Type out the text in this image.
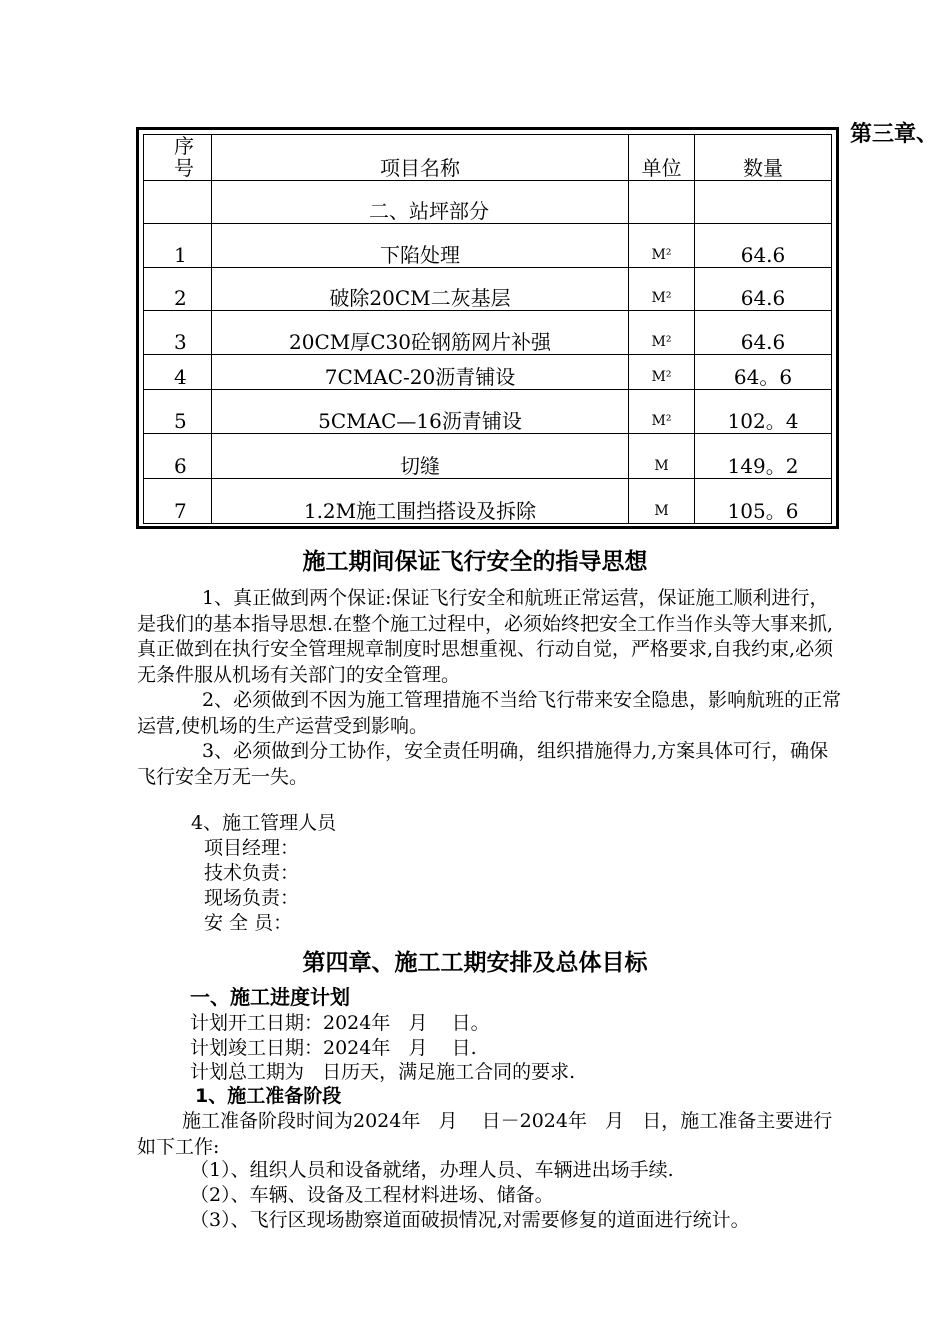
第三章、
序号	项目名称	单位	数量
	二、站坪部分		
1	下陷处理	M²	64.6
2	破除20CM二灰基层	M²	64.6
3	20CM厚C30砼钢筋网片补强	M²	64.6
4	7CMAC-20沥青铺设	M²	64。6
5	5CMAC—16沥青铺设	M²	102。4
6	切缝	M	149。2
7	1.2M施工围挡搭设及拆除	M	105。6
施工期间保证飞行安全的指导思想

1、真正做到两个保证:保证飞行安全和航班正常运营，保证施工顺利进行，是我们的基本指导思想.在整个施工过程中，必须始终把安全工作当作头等大事来抓,真正做到在执行安全管理规章制度时思想重视、行动自觉，严格要求,自我约束,必须无条件服从机场有关部门的安全管理。

2、必须做到不因为施工管理措施不当给飞行带来安全隐患，影响航班的正常运营,使机场的生产运营受到影响。

3、必须做到分工协作，安全责任明确，组织措施得力,方案具体可行，确保飞行安全万无一失。

4、施工管理人员
项目经理：
技术负责：
现场负责：
安 全 员：
第四章、施工工期安排及总体目标
一、施工进度计划
计划开工日期：2024年   月    日。
计划竣工日期：2024年   月    日.
计划总工期为   日历天，满足施工合同的要求.
1、施工准备阶段

施工准备阶段时间为2024年   月    日－2024年   月   日，施工准备主要进行如下工作:

（1）、组织人员和设备就绪，办理人员、车辆进出场手续.
（2）、车辆、设备及工程材料进场、储备。
（3）、飞行区现场勘察道面破损情况,对需要修复的道面进行统计。
